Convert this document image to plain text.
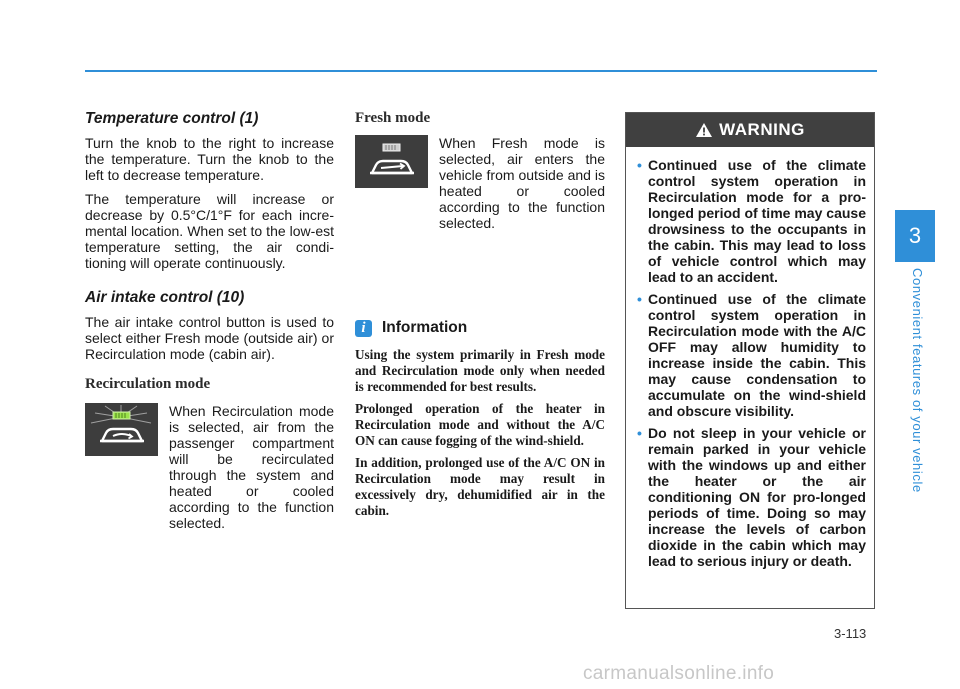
Temperature control (1)

Turn the knob to the right to increase the temperature. Turn the knob to the left to decrease temperature.

The temperature will increase or decrease by 0.5°C/1°F for each incre-mental location. When set to the low-est temperature setting, the air condi-tioning will operate continuously.

Air intake control (10)

The air intake control button is used to select either Fresh mode (outside air) or Recirculation mode (cabin air).

Recirculation mode
When Recirculation mode is selected, air from the passenger compartment will be recirculated through the system and heated or cooled according to the function selected.
Fresh mode
When Fresh mode is selected, air enters the vehicle from outside and is heated or cooled according to the function selected.
i	Information

Using the system primarily in Fresh mode and Recirculation mode only when needed is recommended for best results.

Prolonged operation of the heater in Recirculation mode and without the A/C ON can cause fogging of the wind-shield.

In addition, prolonged use of the A/C ON in Recirculation mode may result in excessively dry, dehumidified air in the cabin.

WARNING
• Continued use of the climate control system operation in Recirculation mode for a pro-longed period of time may cause drowsiness to the occupants in the cabin. This may lead to loss of vehicle control which may lead to an accident.
• Continued use of the climate control system operation in Recirculation mode with the A/C OFF may allow humidity to increase inside the cabin. This may cause condensation to accumulate on the wind-shield and obscure visibility.
• Do not sleep in your vehicle or remain parked in your vehicle with the windows up and either the heater or the air conditioning ON for pro-longed periods of time. Doing so may increase the levels of carbon dioxide in the cabin which may lead to serious injury or death.
3
Convenient features of your vehicle
3-113
carmanualsonline.info
